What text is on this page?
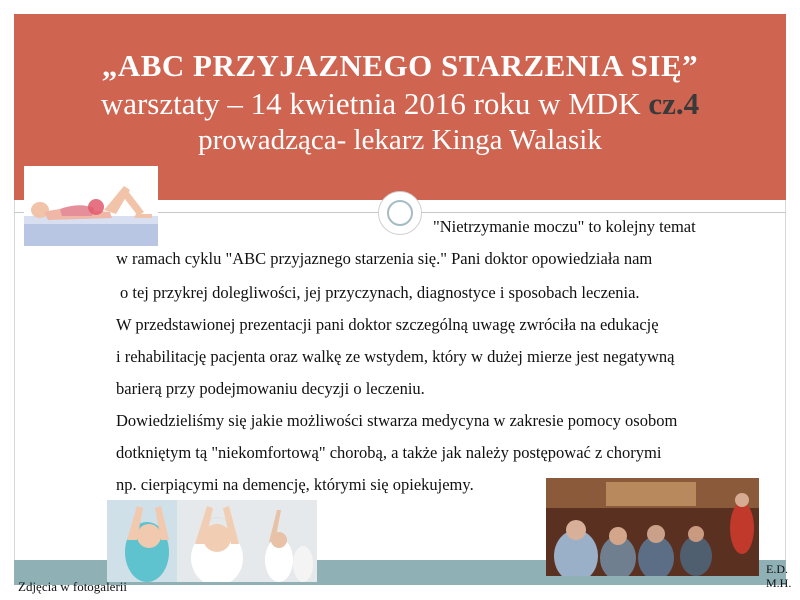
„ABC PRZYJAZNEGO STARZENIA SIĘ”
warsztaty – 14 kwietnia 2016 roku w MDK cz.4
prowadząca- lekarz Kinga Walasik
"Nietrzymanie moczu" to kolejny temat
w ramach cyklu "ABC przyjaznego starzenia się." Pani doktor opowiedziała nam
o tej przykrej dolegliwości, jej przyczynach, diagnostyce i sposobach leczenia.
W przedstawionej prezentacji pani doktor szczególną uwagę zwróciła na edukację
i rehabilitację pacjenta oraz walkę ze wstydem, który w dużej mierze jest negatywną
barierą przy podejmowaniu decyzji o leczeniu.
Dowiedzieliśmy się jakie możliwości stwarza medycyna w zakresie pomocy osobom
dotkniętym tą "niekomfortową" chorobą, a także jak należy postępować z chorymi
np. cierpiącymi na demencję, którymi się opiekujemy.
Zdjęcia w fotogalerii
E.D.
M.H.
